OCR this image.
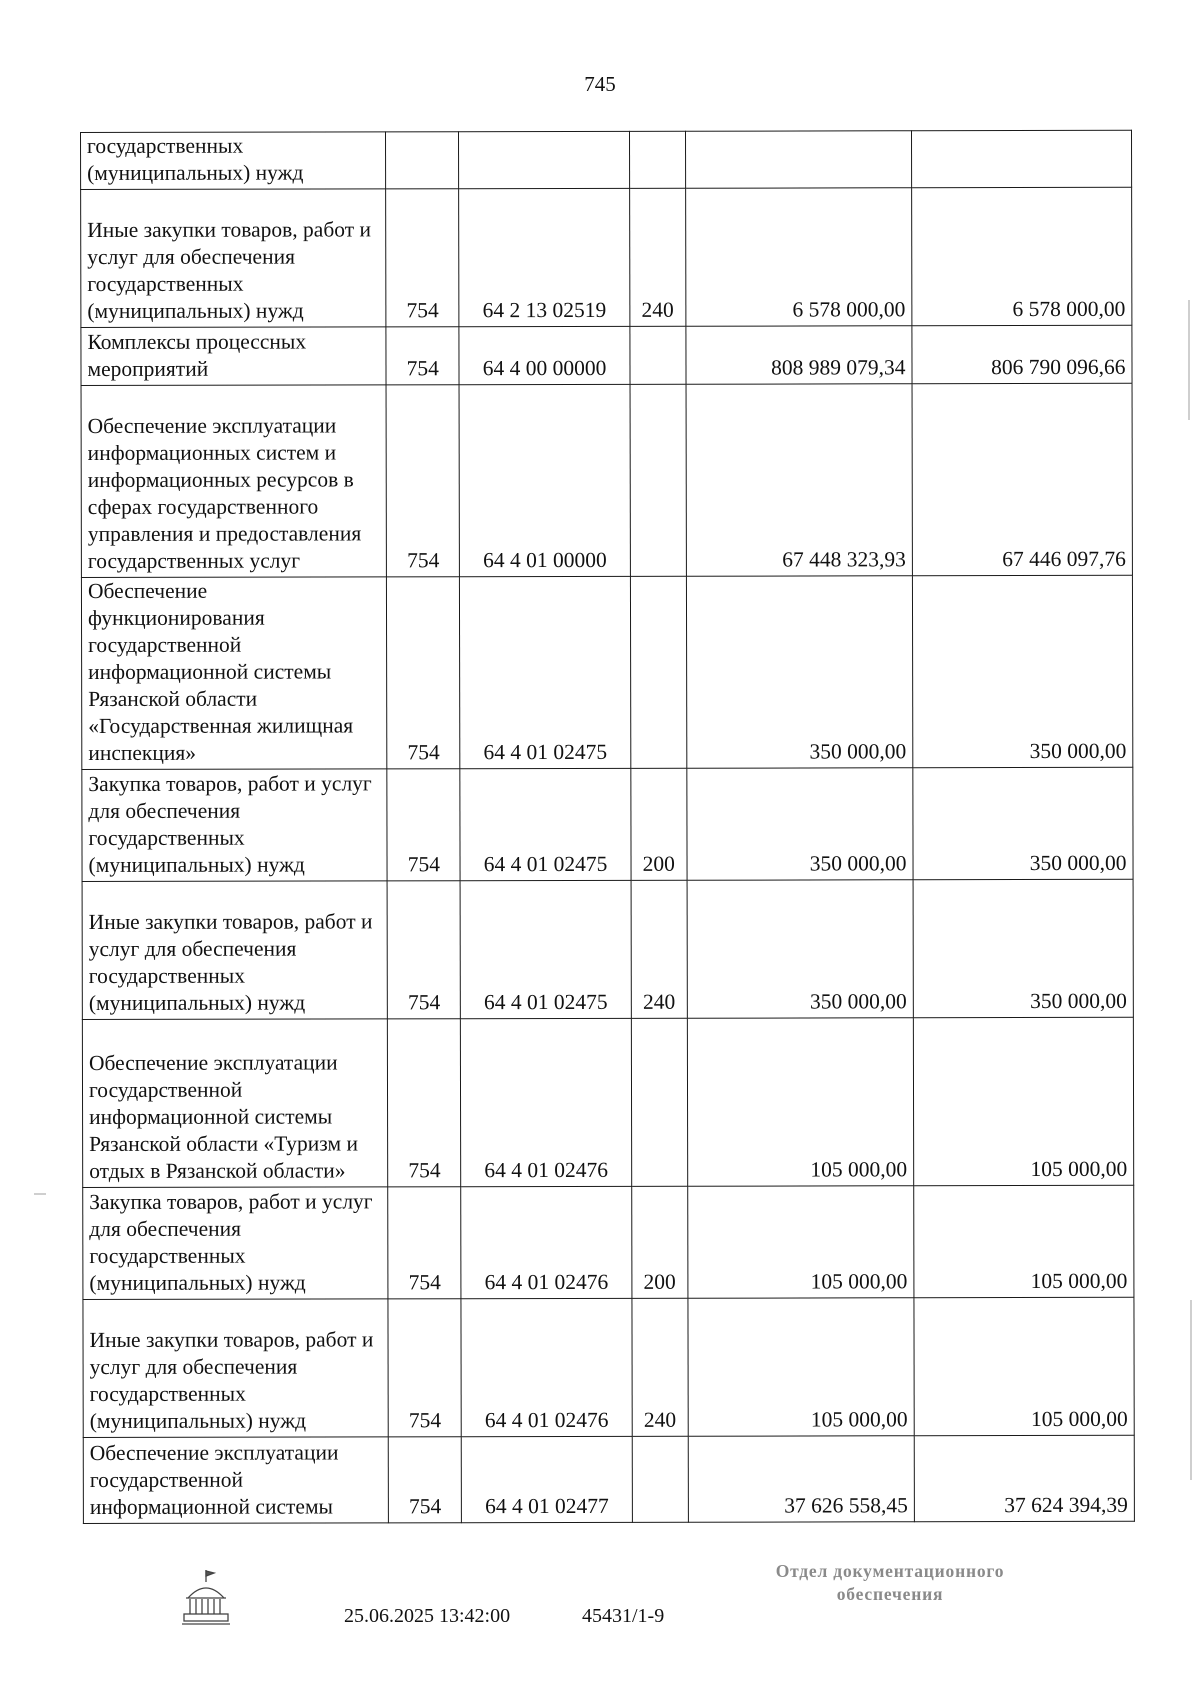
745
государственных (муниципальных) нужд					
Иные закупки товаров, работ и услуг для обеспечения государственных (муниципальных) нужд	754	64 2 13 02519	240	6 578 000,00	6 578 000,00
Комплексы процессных мероприятий	754	64 4 00 00000		808 989 079,34	806 790 096,66
Обеспечение эксплуатации информационных систем и информационных ресурсов в сферах государственного управления и предоставления государственных услуг	754	64 4 01 00000		67 448 323,93	67 446 097,76
Обеспечение функционирования государственной информационной системы Рязанской области «Государственная жилищная инспекция»	754	64 4 01 02475		350 000,00	350 000,00
Закупка товаров, работ и услуг для обеспечения государственных (муниципальных) нужд	754	64 4 01 02475	200	350 000,00	350 000,00
Иные закупки товаров, работ и услуг для обеспечения государственных (муниципальных) нужд	754	64 4 01 02475	240	350 000,00	350 000,00
Обеспечение эксплуатации государственной информационной системы Рязанской области «Туризм и отдых в Рязанской области»	754	64 4 01 02476		105 000,00	105 000,00
Закупка товаров, работ и услуг для обеспечения государственных (муниципальных) нужд	754	64 4 01 02476	200	105 000,00	105 000,00
Иные закупки товаров, работ и услуг для обеспечения государственных (муниципальных) нужд	754	64 4 01 02476	240	105 000,00	105 000,00
Обеспечение эксплуатации государственной информационной системы	754	64 4 01 02477		37 626 558,45	37 624 394,39
25.06.2025 13:42:00	45431/1-9
Отдел документационного
обеспечения
